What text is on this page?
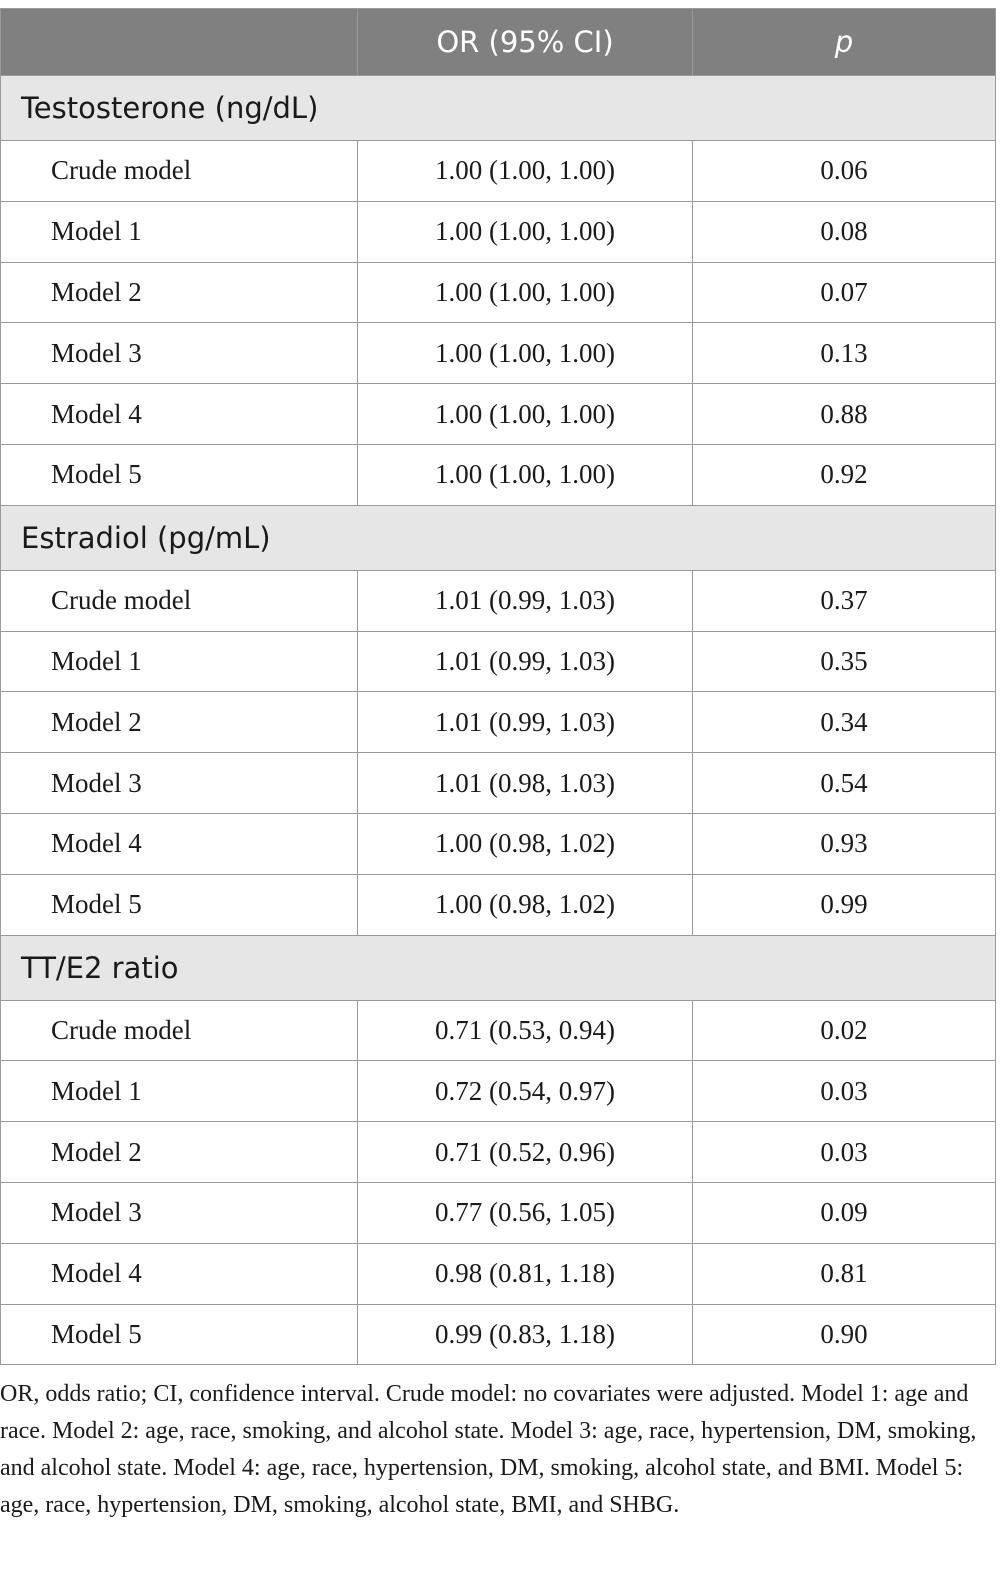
	OR (95% CI)	p
Testosterone (ng/dL)		
Crude model	1.00 (1.00, 1.00)	0.06
Model 1	1.00 (1.00, 1.00)	0.08
Model 2	1.00 (1.00, 1.00)	0.07
Model 3	1.00 (1.00, 1.00)	0.13
Model 4	1.00 (1.00, 1.00)	0.88
Model 5	1.00 (1.00, 1.00)	0.92
Estradiol (pg/mL)		
Crude model	1.01 (0.99, 1.03)	0.37
Model 1	1.01 (0.99, 1.03)	0.35
Model 2	1.01 (0.99, 1.03)	0.34
Model 3	1.01 (0.98, 1.03)	0.54
Model 4	1.00 (0.98, 1.02)	0.93
Model 5	1.00 (0.98, 1.02)	0.99
TT/E2 ratio		
Crude model	0.71 (0.53, 0.94)	0.02
Model 1	0.72 (0.54, 0.97)	0.03
Model 2	0.71 (0.52, 0.96)	0.03
Model 3	0.77 (0.56, 1.05)	0.09
Model 4	0.98 (0.81, 1.18)	0.81
Model 5	0.99 (0.83, 1.18)	0.90

OR, odds ratio; CI, confidence interval. Crude model: no covariates were adjusted. Model 1: age and race. Model 2: age, race, smoking, and alcohol state. Model 3: age, race, hypertension, DM, smoking, and alcohol state. Model 4: age, race, hypertension, DM, smoking, alcohol state, and BMI. Model 5: age, race, hypertension, DM, smoking, alcohol state, BMI, and SHBG.
